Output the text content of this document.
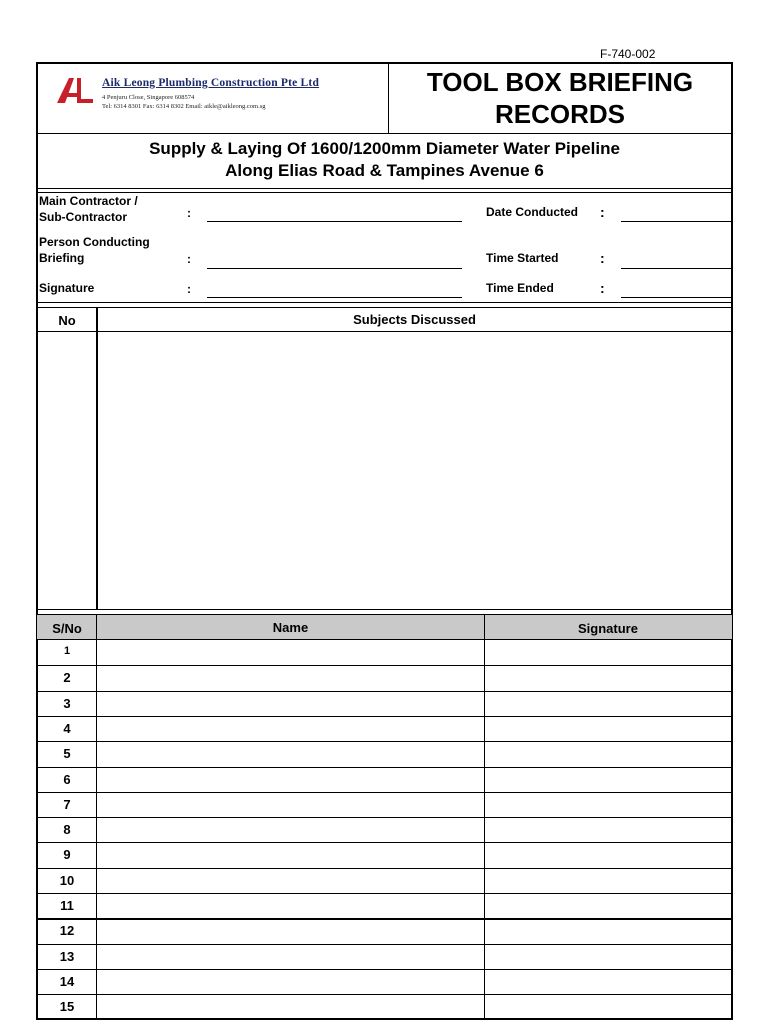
F-740-002
Aik Leong Plumbing Construction Pte Ltd
4 Penjuru Close, Singapore 608574
Tel: 6314 8301 Fax: 6314 8302 Email: aikle@aikleong.com.sg
TOOL BOX BRIEFING
RECORDS
Supply & Laying Of 1600/1200mm Diameter Water Pipeline
Along Elias Road & Tampines Avenue 6
Main Contractor /
Sub-Contractor	:	Date Conducted :
Person Conducting
Briefing	:	Time Started	:
Signature	:	Time Ended	:
No	Subjects Discussed
S/No	Name	Signature
1
2
3
4
5
6
7
8
9
10
11
12
13
14
15
